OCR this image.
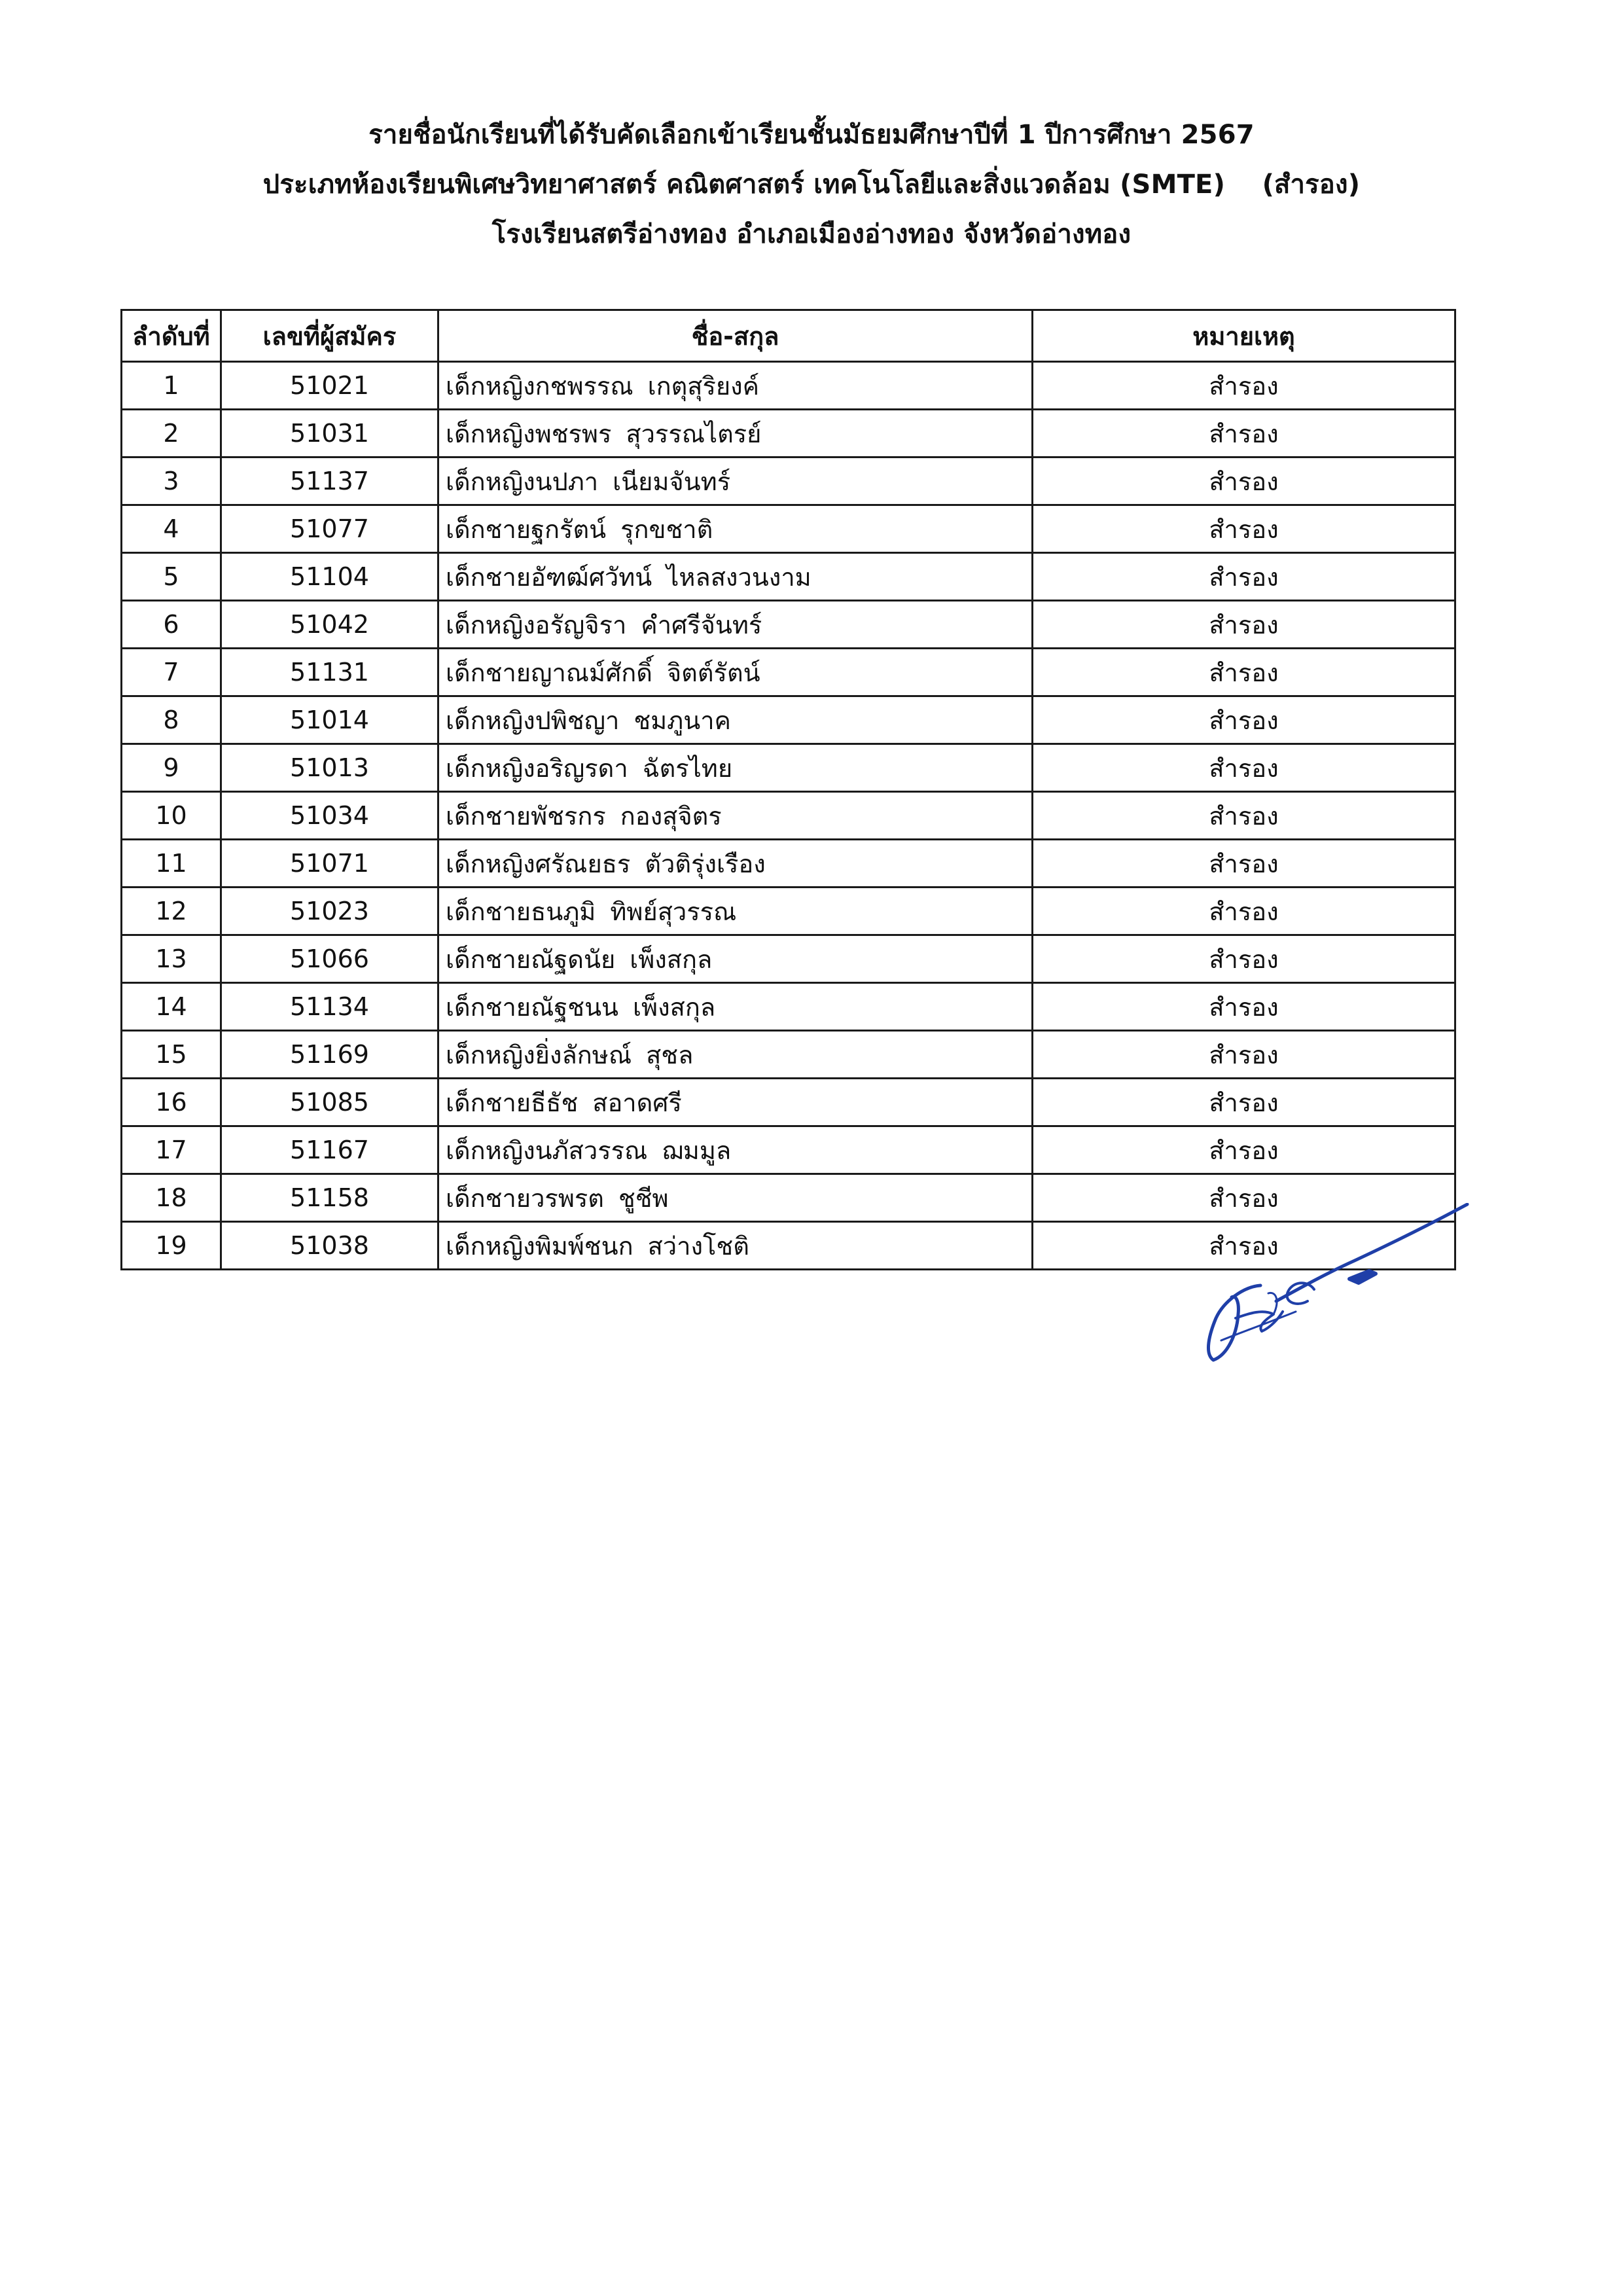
รายชื่อนักเรียนที่ได้รับคัดเลือกเข้าเรียนชั้นมัธยมศึกษาปีที่ 1 ปีการศึกษา 2567
ประเภทห้องเรียนพิเศษวิทยาศาสตร์ คณิตศาสตร์ เทคโนโลยีและสิ่งแวดล้อม (SMTE)    (สำรอง)
โรงเรียนสตรีอ่างทอง อำเภอเมืองอ่างทอง จังหวัดอ่างทอง
ลำดับที่	เลขที่ผู้สมัคร	ชื่อ-สกุล	หมายเหตุ
1	51021	เด็กหญิงกชพรรณ เกตุสุริยงค์	สำรอง
2	51031	เด็กหญิงพชรพร สุวรรณไตรย์	สำรอง
3	51137	เด็กหญิงนปภา เนียมจันทร์	สำรอง
4	51077	เด็กชายฐกรัตน์ รุกขชาติ	สำรอง
5	51104	เด็กชายอัฑฒ์ศวัทน์ ไหลสงวนงาม	สำรอง
6	51042	เด็กหญิงอรัญจิรา คำศรีจันทร์	สำรอง
7	51131	เด็กชายญาณม์ศักดิ์ จิตต์รัตน์	สำรอง
8	51014	เด็กหญิงปพิชญา ชมภูนาค	สำรอง
9	51013	เด็กหญิงอริญรดา ฉัตรไทย	สำรอง
10	51034	เด็กชายพัชรกร กองสุจิตร	สำรอง
11	51071	เด็กหญิงศรัณยธร ตัวติรุ่งเรือง	สำรอง
12	51023	เด็กชายธนภูมิ ทิพย์สุวรรณ	สำรอง
13	51066	เด็กชายณัฐดนัย เพ็งสกุล	สำรอง
14	51134	เด็กชายณัฐชนน เพ็งสกุล	สำรอง
15	51169	เด็กหญิงยิ่งลักษณ์ สุชล	สำรอง
16	51085	เด็กชายธีธัช สอาดศรี	สำรอง
17	51167	เด็กหญิงนภัสวรรณ ฌมมูล	สำรอง
18	51158	เด็กชายวรพรต ชูชีพ	สำรอง
19	51038	เด็กหญิงพิมพ์ชนก สว่างโชติ	สำรอง
